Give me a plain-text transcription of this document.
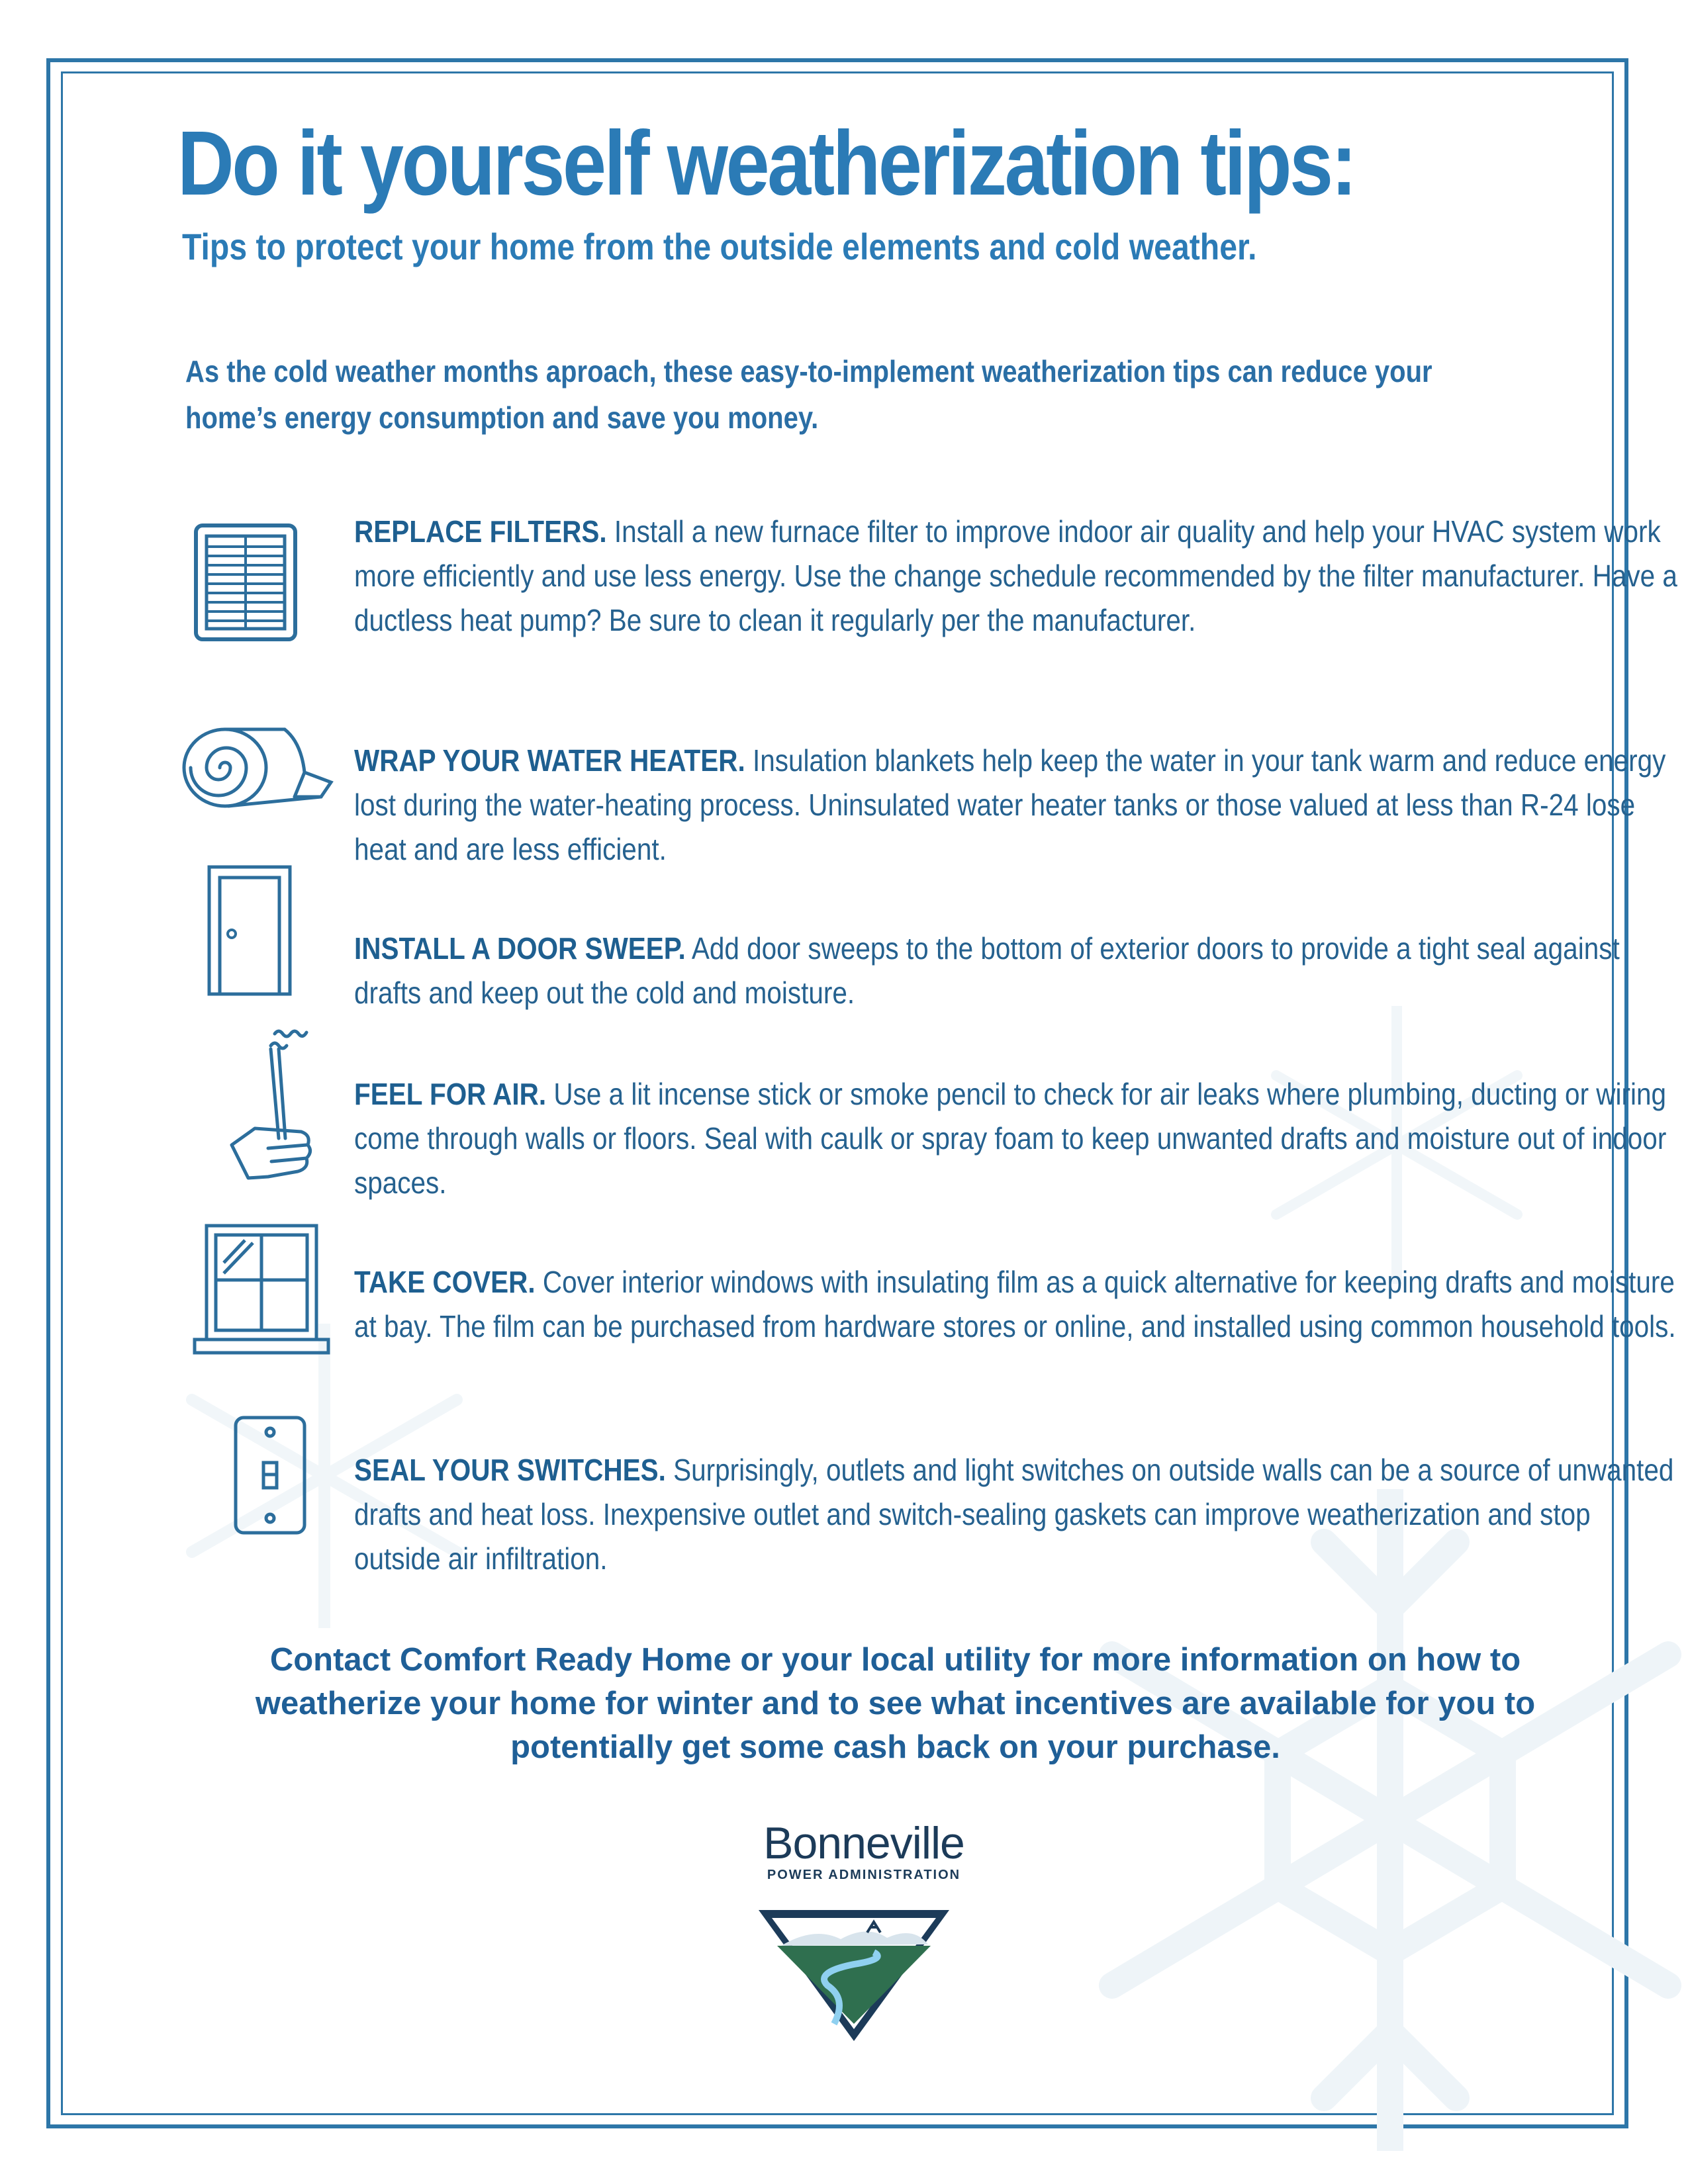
Do it yourself weatherization tips:
Tips to protect your home from the outside elements and cold weather.
As the cold weather months aproach, these easy-to-implement weatherization tips can reduce your home’s energy consumption and save you money.
REPLACE FILTERS. Install a new furnace filter to improve indoor air quality and help your HVAC system work more efficiently and use less energy. Use the change schedule recommended by the filter manufacturer. Have a ductless heat pump? Be sure to clean it regularly per the manufacturer.
WRAP YOUR WATER HEATER. Insulation blankets help keep the water in your tank warm and reduce energy lost during the water-heating process. Uninsulated water heater tanks or those valued at less than R-24 lose heat and are less efficient.
INSTALL A DOOR SWEEP. Add door sweeps to the bottom of exterior doors to provide a tight seal against drafts and keep out the cold and moisture.
FEEL FOR AIR. Use a lit incense stick or smoke pencil to check for air leaks where plumbing, ducting or wiring come through walls or floors. Seal with caulk or spray foam to keep unwanted drafts and moisture out of indoor spaces.
TAKE COVER. Cover interior windows with insulating film as a quick alternative for keeping drafts and moisture at bay. The film can be purchased from hardware stores or online, and installed using common household tools.
SEAL YOUR SWITCHES. Surprisingly, outlets and light switches on outside walls can be a source of unwanted drafts and heat loss. Inexpensive outlet and switch-sealing gaskets can improve weatherization and stop outside air infiltration.
Contact Comfort Ready Home or your local utility for more information on how to weatherize your home for winter and to see what incentives are available for you to potentially get some cash back on your purchase.
Bonneville
POWER ADMINISTRATION
